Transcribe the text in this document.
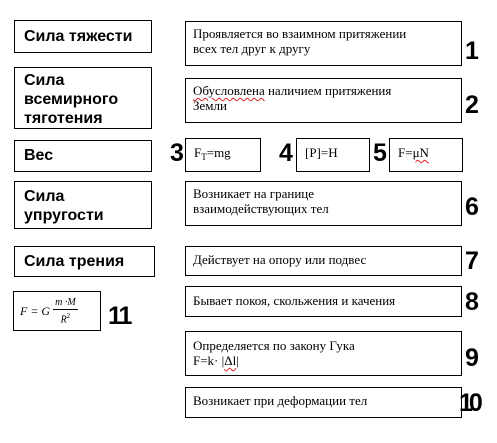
Сила тяжести
Сила
всемирного
тяготения
Вес
Сила
упругости
Сила трения
F = G $\frac{m \cdot M}{R^2} 11$
Проявляется во взаимном притяжении
всех тел друг к другу	1
Обусловлена наличием притяжения
Земли	2
3 $F_T=mg$	4	[P]=H	5	F=μN
Возникает на границе
взаимодействующих тел	6
Действует на опору или подвес	7
Бывает покоя, скольжения и качения	8
Определяется по закону Гука
F=k· |Δl|	9
Возникает при деформации тел	10
